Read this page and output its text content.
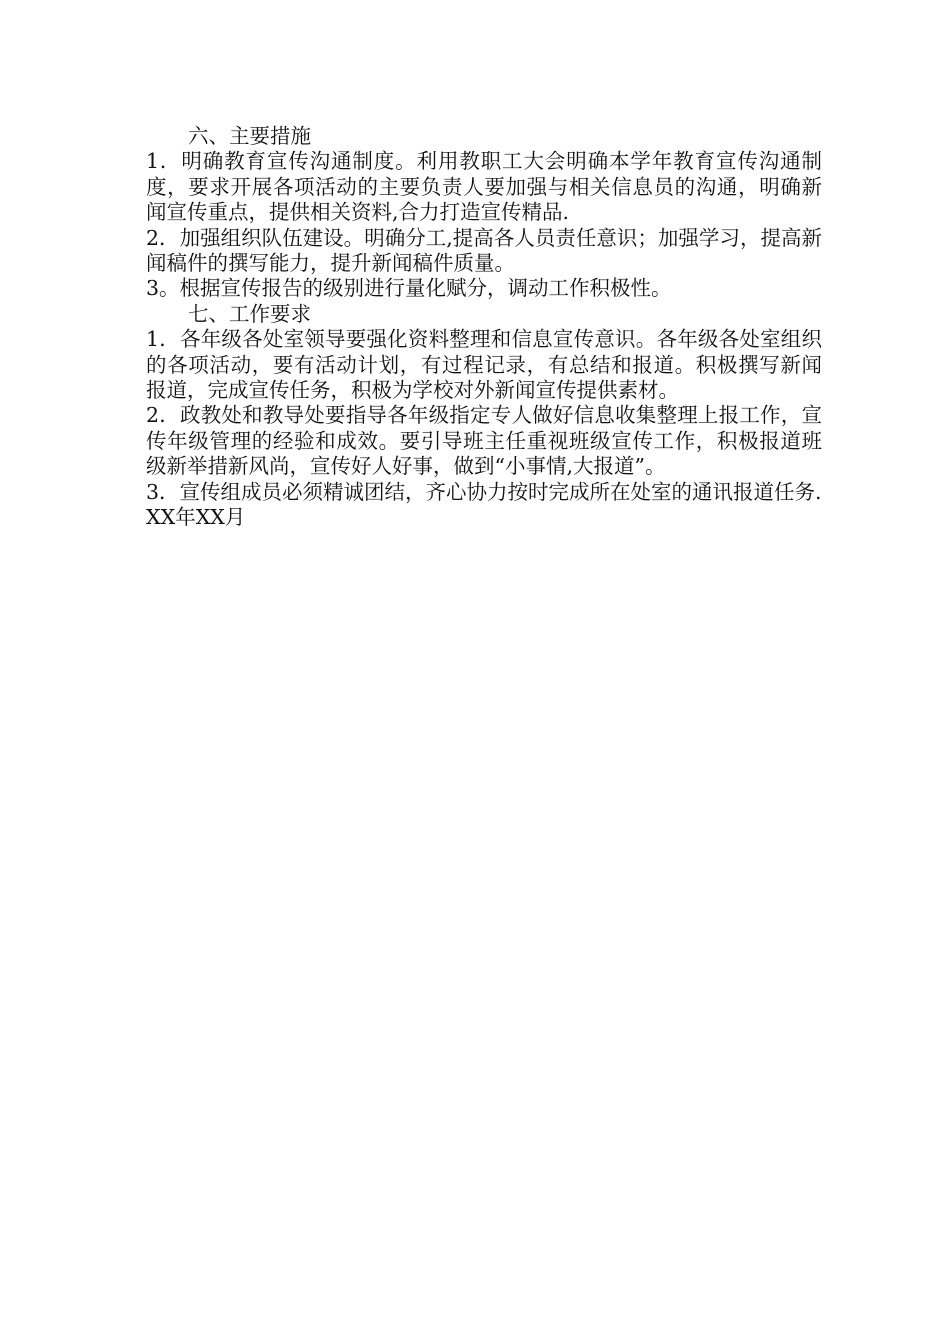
六、主要措施

1．明确教育宣传沟通制度。利用教职工大会明确本学年教育宣传沟通制度，要求开展各项活动的主要负责人要加强与相关信息员的沟通，明确新闻宣传重点，提供相关资料,合力打造宣传精品.

2．加强组织队伍建设。明确分工,提高各人员责任意识；加强学习，提高新闻稿件的撰写能力，提升新闻稿件质量。

3。根据宣传报告的级别进行量化赋分，调动工作积极性。

七、工作要求

1．各年级各处室领导要强化资料整理和信息宣传意识。各年级各处室组织的各项活动，要有活动计划，有过程记录，有总结和报道。积极撰写新闻报道，完成宣传任务，积极为学校对外新闻宣传提供素材。

2．政教处和教导处要指导各年级指定专人做好信息收集整理上报工作，宣传年级管理的经验和成效。要引导班主任重视班级宣传工作，积极报道班级新举措新风尚，宣传好人好事，做到“小事情,大报道”。

3．宣传组成员必须精诚团结，齐心协力按时完成所在处室的通讯报道任务.

XX年XX月
